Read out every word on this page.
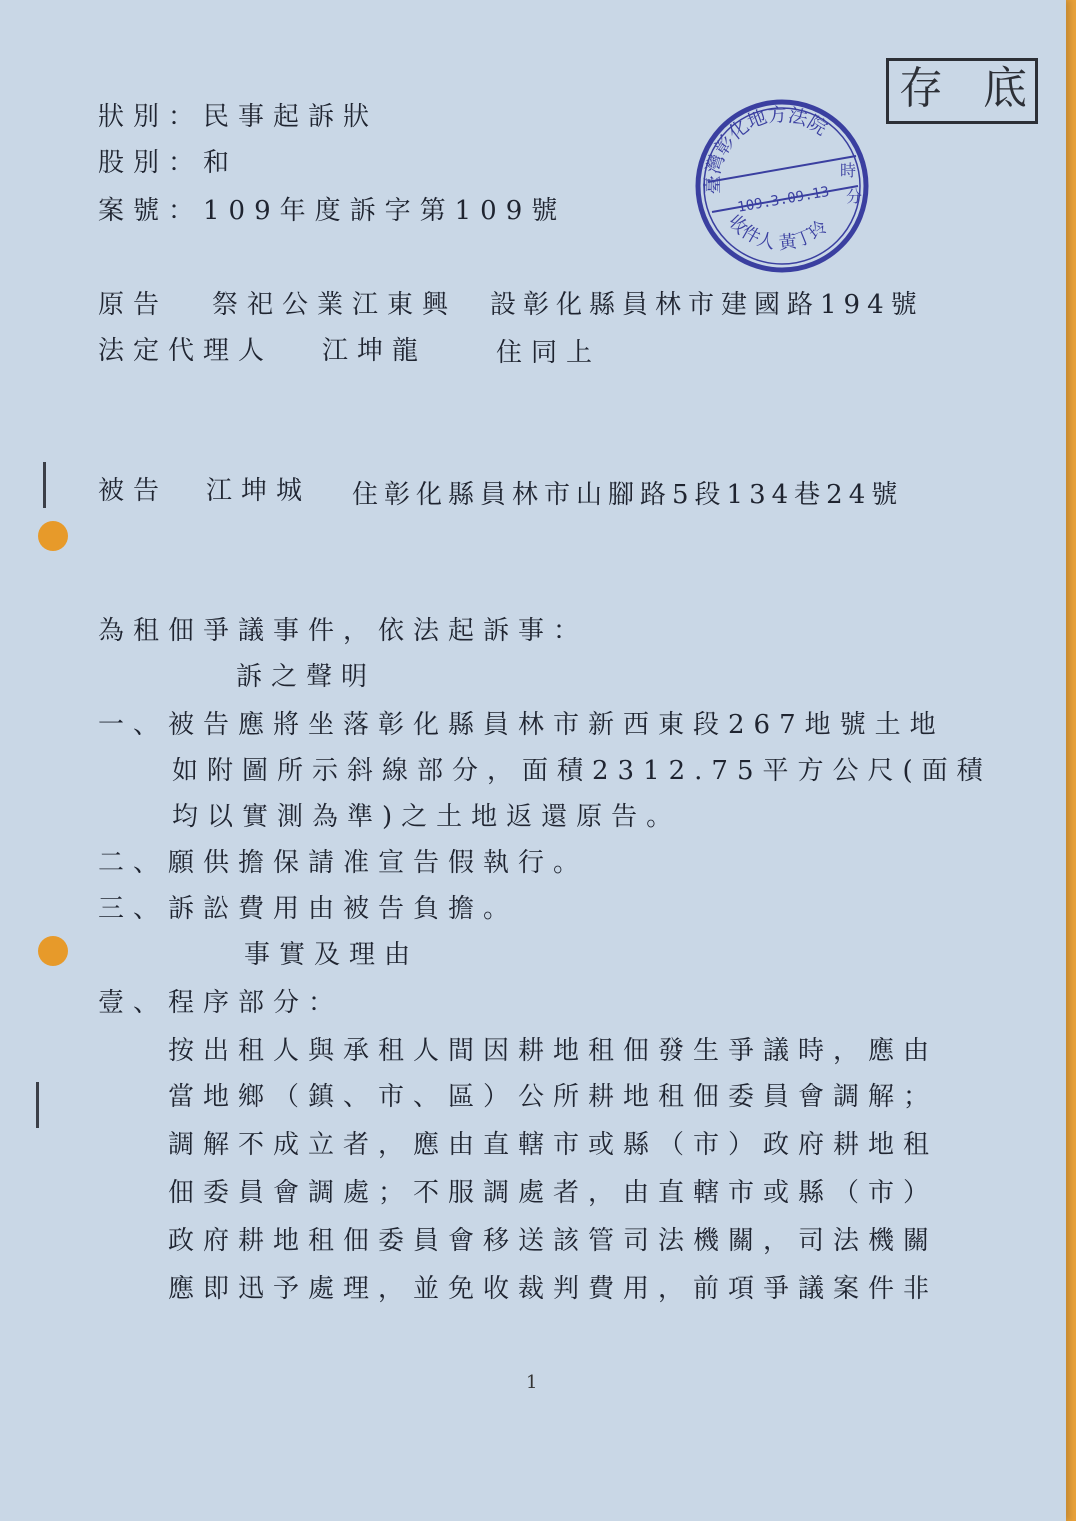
狀別：民事起訴狀
股別：和
案號：109年度訴字第109號
原告 祭祀公業江東興 設彰化縣員林市建國路194號
法定代理人 江坤龍	住同上
被告 江坤城 住彰化縣員林市山腳路5段134巷24號
為租佃爭議事件，依法起訴事：
訴之聲明
一、被告應將坐落彰化縣員林市新西東段267地號土地
如附圖所示斜線部分，面積2312.75平方公尺(面積
均以實測為準)之土地返還原告。
二、願供擔保請准宣告假執行。
三、訴訟費用由被告負擔。
事實及理由
壹、程序部分：
按出租人與承租人間因耕地租佃發生爭議時，應由
當地鄉（鎮、市、區）公所耕地租佃委員會調解；
調解不成立者，應由直轄市或縣（市）政府耕地租
佃委員會調處；不服調處者，由直轄市或縣（市）
政府耕地租佃委員會移送該管司法機關，司法機關
應即迅予處理，並免收裁判費用，前項爭議案件非
1
存 底
臺灣彰化地方法院
109.3.09.13
時
分
收件人 黃丁玲
